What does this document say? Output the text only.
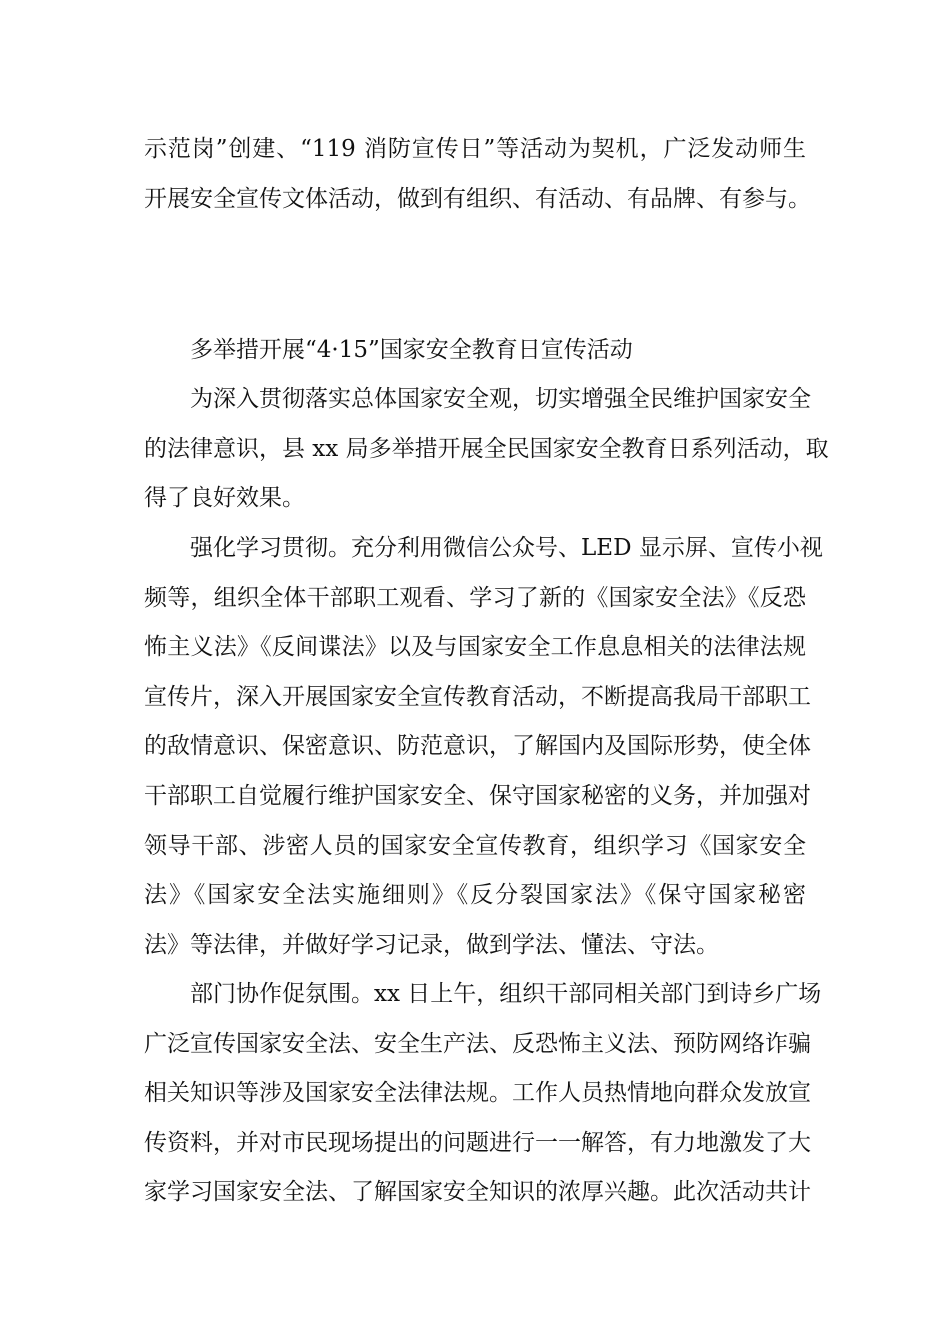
示范岗”创建、“119 消防宣传日”等活动为契机，广泛发动师生
开展安全宣传文体活动，做到有组织、有活动、有品牌、有参与。
多举措开展“4·15”国家安全教育日宣传活动
为深入贯彻落实总体国家安全观，切实增强全民维护国家安全
的法律意识，县 xx 局多举措开展全民国家安全教育日系列活动，取
得了良好效果。
强化学习贯彻。充分利用微信公众号、LED 显示屏、宣传小视
频等，组织全体干部职工观看、学习了新的《国家安全法》《反恐
怖主义法》《反间谍法》以及与国家安全工作息息相关的法律法规
宣传片，深入开展国家安全宣传教育活动，不断提高我局干部职工
的敌情意识、保密意识、防范意识，了解国内及国际形势，使全体
干部职工自觉履行维护国家安全、保守国家秘密的义务，并加强对
领导干部、涉密人员的国家安全宣传教育，组织学习《国家安全
法》《国家安全法实施细则》《反分裂国家法》《保守国家秘密
法》等法律，并做好学习记录，做到学法、懂法、守法。
部门协作促氛围。xx 日上午，组织干部同相关部门到诗乡广场
广泛宣传国家安全法、安全生产法、反恐怖主义法、预防网络诈骗
相关知识等涉及国家安全法律法规。工作人员热情地向群众发放宣
传资料，并对市民现场提出的问题进行一一解答，有力地激发了大
家学习国家安全法、了解国家安全知识的浓厚兴趣。此次活动共计
